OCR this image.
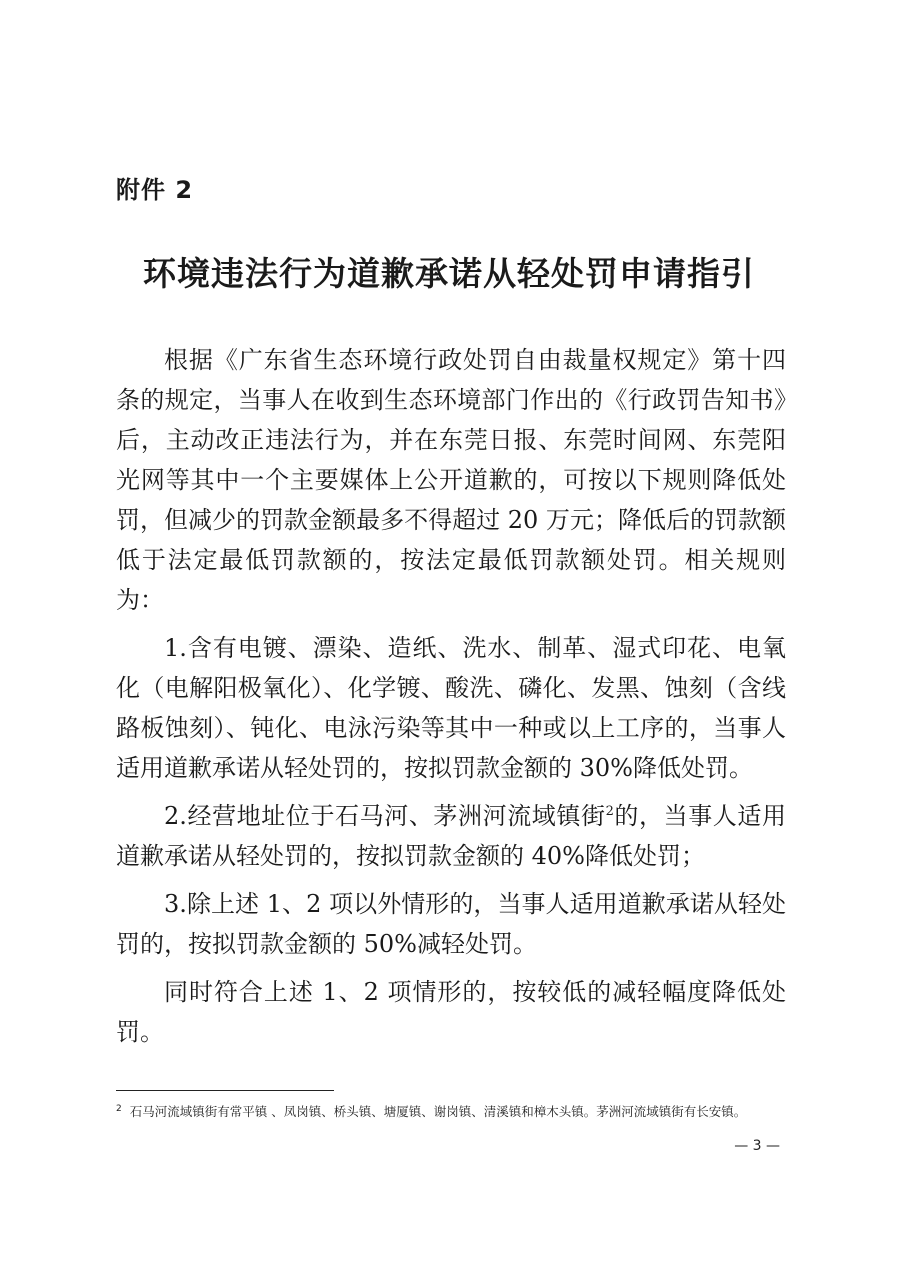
附件 2
环境违法行为道歉承诺从轻处罚申请指引

根据《广东省生态环境行政处罚自由裁量权规定》第十四条的规定，当事人在收到生态环境部门作出的《行政罚告知书》后，主动改正违法行为，并在东莞日报、东莞时间网、东莞阳光网等其中一个主要媒体上公开道歉的，可按以下规则降低处罚，但减少的罚款金额最多不得超过 20 万元；降低后的罚款额低于法定最低罚款额的，按法定最低罚款额处罚。相关规则为：

1.含有电镀、漂染、造纸、洗水、制革、湿式印花、电氧化（电解阳极氧化）、化学镀、酸洗、磷化、发黑、蚀刻（含线路板蚀刻）、钝化、电泳污染等其中一种或以上工序的，当事人适用道歉承诺从轻处罚的，按拟罚款金额的 30%降低处罚。

2.经营地址位于石马河、茅洲河流域镇街$^2$的，当事人适用道歉承诺从轻处罚的，按拟罚款金额的 40%降低处罚；

3.除上述 1、2 项以外情形的，当事人适用道歉承诺从轻处罚的，按拟罚款金额的 50%减轻处罚。

同时符合上述 1、2 项情形的，按较低的减轻幅度降低处罚。

$^2$ 石马河流域镇街有常平镇 、凤岗镇、桥头镇、塘厦镇、谢岗镇、清溪镇和樟木头镇。茅洲河流域镇街有长安镇。
— 3 —
